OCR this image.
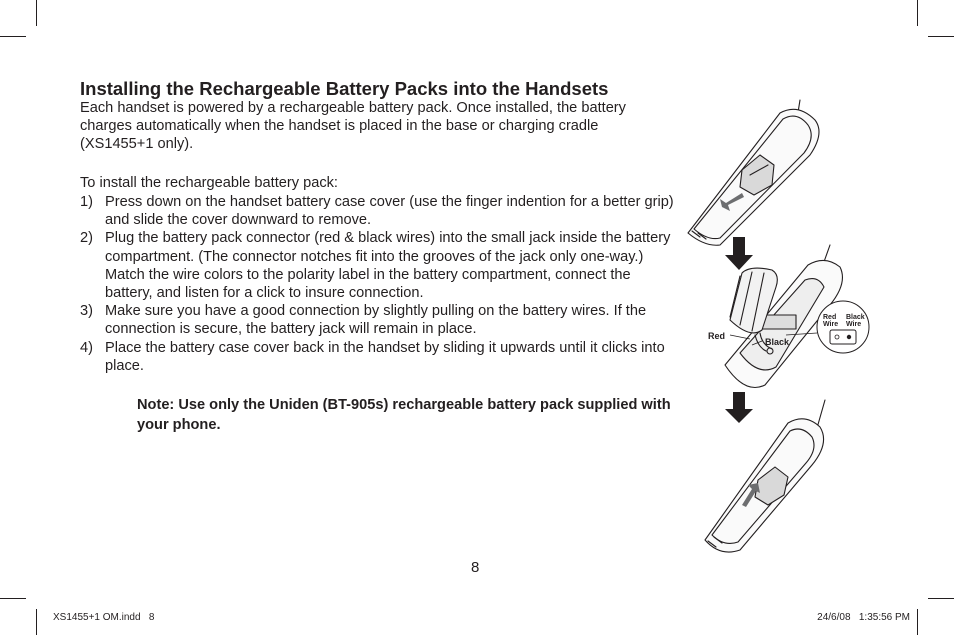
Installing the Rechargeable Battery Packs into the Handsets

Each handset is powered by a rechargeable battery pack. Once installed, the battery charges automatically when the handset is placed in the base or charging cradle (XS1455+1 only).

To install the rechargeable battery pack:

1) Press down on the handset battery case cover (use the finger indention for a better grip) and slide the cover downward to remove.
2) Plug the battery pack connector (red & black wires) into the small jack inside the battery compartment. (The connector notches fit into the grooves of the jack only one-way.) Match the wire colors to the polarity label in the battery compartment, connect the battery, and listen for a click to insure connection.
3) Make sure you have a good connection by slightly pulling on the battery wires. If the connection is secure, the battery jack will remain in place.
4) Place the battery case cover back in the handset by sliding it upwards until it clicks into place.

Note: Use only the Uniden (BT-905s) rechargeable battery pack supplied with your phone.

Red
Black
Red
Wire
Black
Wire
8
XS1455+1 OM.indd   8	24/6/08   1:35:56 PM
